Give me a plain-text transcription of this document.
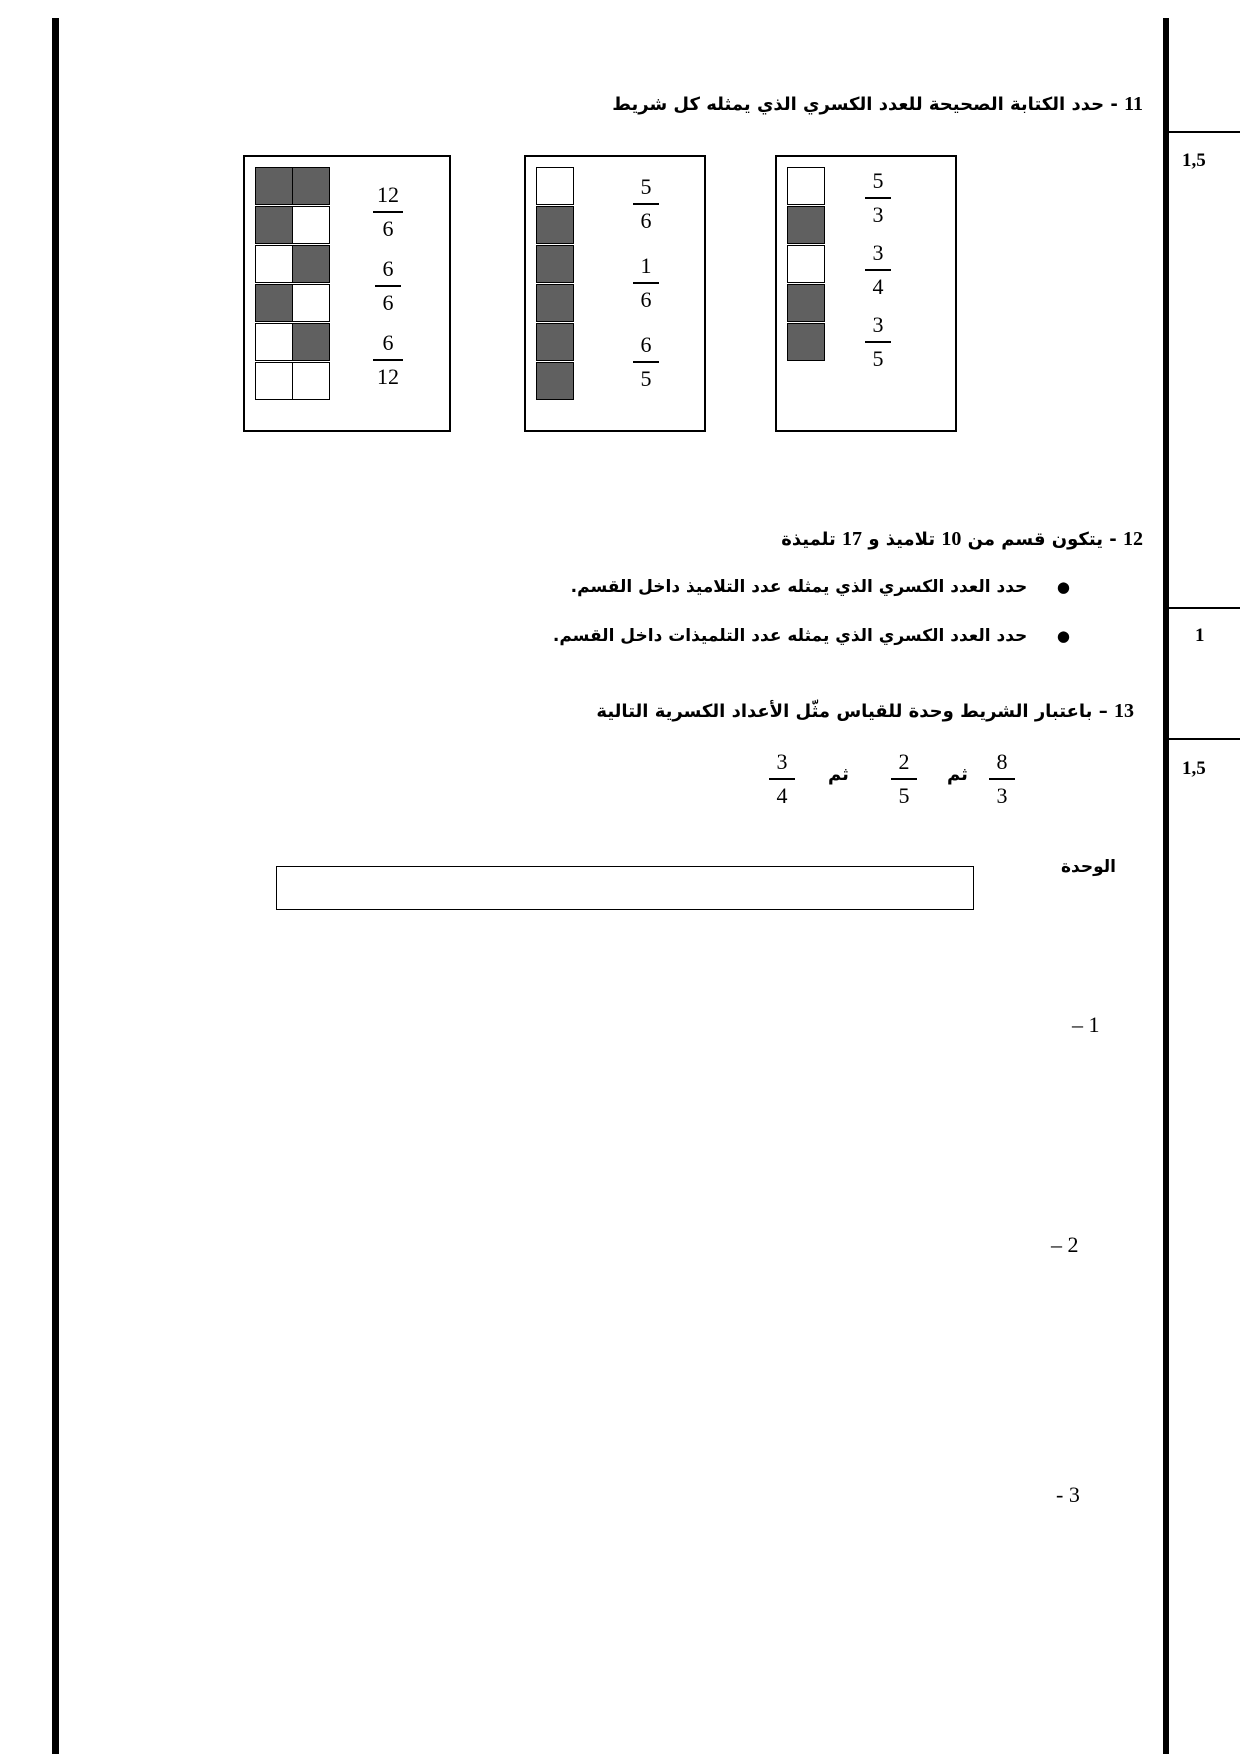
1,5
1
1,5
11 - حدد الكتابة الصحيحة للعدد الكسري الذي يمثله كل شريط
12
6
6
6
6
12
5
6
1
6
6
5
5
3
3
4
3
5
12 - يتكون قسم من 10 تلاميذ و 17 تلميذة
●     حدد العدد الكسري الذي يمثله عدد التلاميذ داخل القسم.
●     حدد العدد الكسري الذي يمثله عدد التلميذات داخل القسم.
13 – باعتبار الشريط وحدة للقياس مثّل الأعداد الكسرية التالية
8
3
ثم
2
5
ثم
3
4
الوحدة
– 1
– 2
- 3
